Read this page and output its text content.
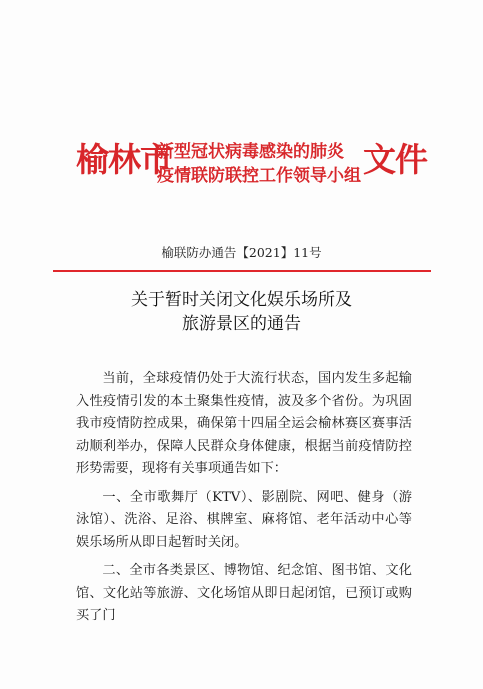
榆林市
新型冠状病毒感染的肺炎
疫情联防联控工作领导小组 文件
榆联防办通告【2021】11号
关于暂时关闭文化娱乐场所及
旅游景区的通告

当前，全球疫情仍处于大流行状态，国内发生多起输入性疫情引发的本土聚集性疫情，波及多个省份。为巩固我市疫情防控成果，确保第十四届全运会榆林赛区赛事活动顺利举办，保障人民群众身体健康，根据当前疫情防控形势需要，现将有关事项通告如下：

一、全市歌舞厅（KTV）、影剧院、网吧、健身（游泳馆）、洗浴、足浴、棋牌室、麻将馆、老年活动中心等娱乐场所从即日起暂时关闭。

二、全市各类景区、博物馆、纪念馆、图书馆、文化馆、文化站等旅游、文化场馆从即日起闭馆，已预订或购买了门
